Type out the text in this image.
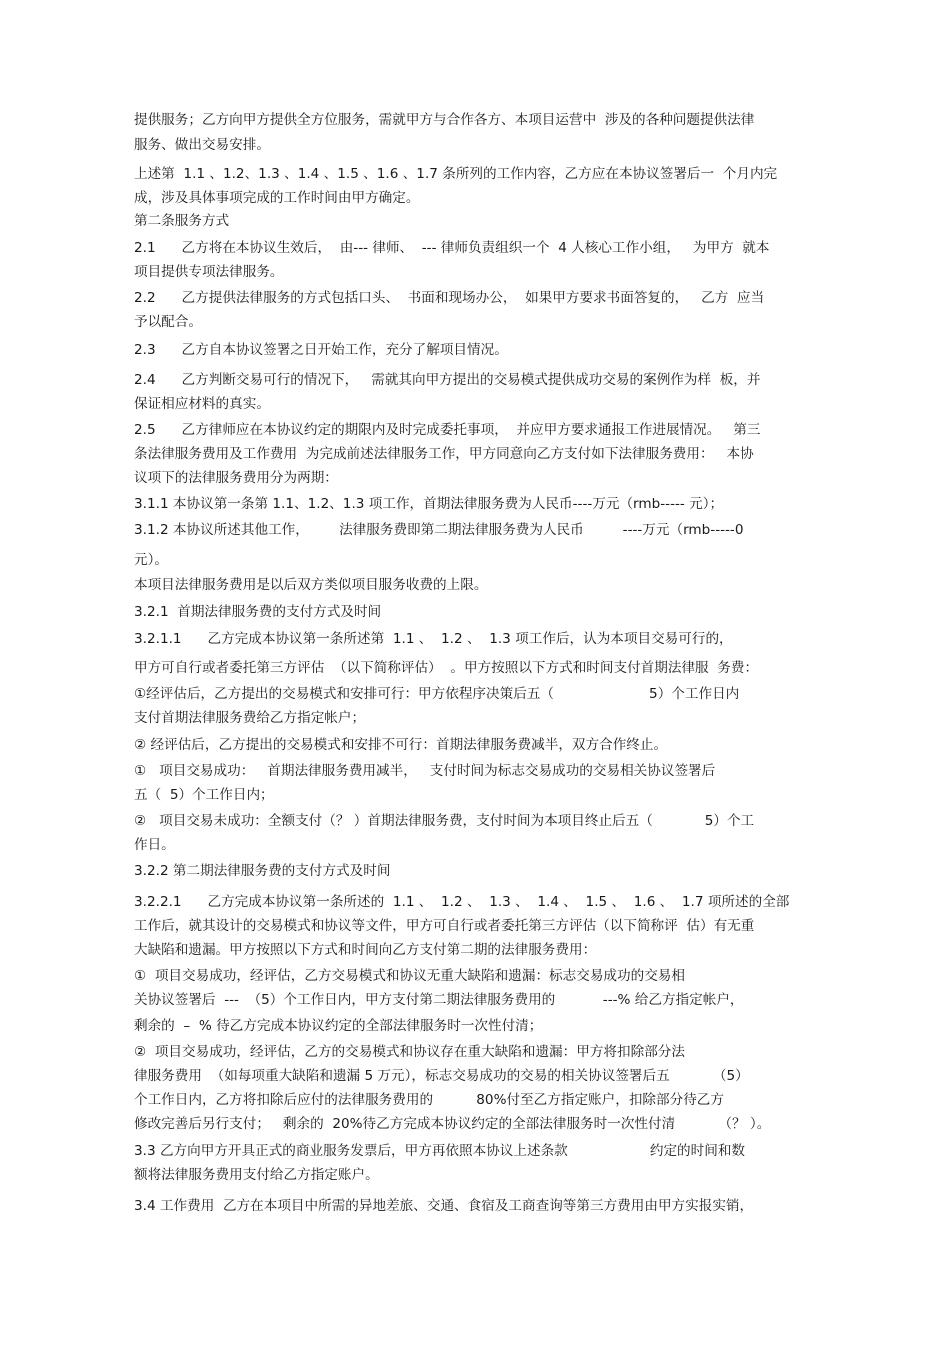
提供服务；乙方向甲方提供全方位服务，需就甲方与合作各方、本项目运营中  涉及的各种问题提供法律

服务、做出交易安排。

上述第  1.1 、1.2、1.3 、1.4 、1.5 、1.6 、1.7 条所列的工作内容，乙方应在本协议签署后一  个月内完

成，涉及具体事项完成的工作时间由甲方确定。

第二条服务方式

2.1      乙方将在本协议生效后，  由--- 律师、  --- 律师负责组织一个  4 人核心工作小组，   为甲方  就本

项目提供专项法律服务。

2.2      乙方提供法律服务的方式包括口头、  书面和现场办公，  如果甲方要求书面答复的，   乙方  应当

予以配合。

2.3      乙方自本协议签署之日开始工作，充分了解项目情况。

2.4      乙方判断交易可行的情况下，   需就其向甲方提出的交易模式提供成功交易的案例作为样  板，并

保证相应材料的真实。

2.5      乙方律师应在本协议约定的期限内及时完成委托事项，  并应甲方要求通报工作进展情况。   第三

条法律服务费用及工作费用  为完成前述法律服务工作，甲方同意向乙方支付如下法律服务费用：   本协

议项下的法律服务费用分为两期：

3.1.1 本协议第一条第 1.1、1.2、1.3 项工作，首期法律服务费为人民币----万元（rmb----- 元）；

3.1.2 本协议所述其他工作，       法律服务费即第二期法律服务费为人民币         ----万元（rmb-----0

元）。

本项目法律服务费用是以后双方类似项目服务收费的上限。

3.2.1  首期法律服务费的支付方式及时间

3.2.1.1      乙方完成本协议第一条所述第  1.1 、  1.2 、  1.3 项工作后，认为本项目交易可行的，

甲方可自行或者委托第三方评估  （以下简称评估）  。甲方按照以下方式和时间支付首期法律服  务费：

①经评估后，乙方提出的交易模式和安排可行：甲方依程序决策后五（                      5）个工作日内

支付首期法律服务费给乙方指定帐户；

② 经评估后，乙方提出的交易模式和安排不可行：首期法律服务费减半，双方合作终止。

①   项目交易成功：   首期法律服务费用减半，   支付时间为标志交易成功的交易相关协议签署后

五（  5）个工作日内；

②   项目交易未成功：全额支付（？ ）首期法律服务费，支付时间为本项目终止后五（            5）个工

作日。

3.2.2 第二期法律服务费的支付方式及时间

3.2.2.1      乙方完成本协议第一条所述的  1.1 、  1.2 、  1.3 、  1.4 、  1.5 、  1.6 、  1.7 项所述的全部

工作后，就其设计的交易模式和协议等文件，甲方可自行或者委托第三方评估（以下简称评  估）有无重

大缺陷和遗漏。甲方按照以下方式和时间向乙方支付第二期的法律服务费用：

①  项目交易成功，经评估，乙方交易模式和协议无重大缺陷和遗漏：标志交易成功的交易相

关协议签署后  ---  （5）个工作日内，甲方支付第二期法律服务费用的           ---% 给乙方指定帐户，

剩余的  –  % 待乙方完成本协议约定的全部法律服务时一次性付清；

②  项目交易成功，经评估，乙方的交易模式和协议存在重大缺陷和遗漏：甲方将扣除部分法

律服务费用  （如每项重大缺陷和遗漏 5 万元），标志交易成功的交易的相关协议签署后五          （5）

个工作日内，乙方将扣除后应付的法律服务费用的          80%付至乙方指定账户，扣除部分待乙方

修改完善后另行支付；   剩余的  20%待乙方完成本协议约定的全部法律服务时一次性付清          （？ ）。

3.3 乙方向甲方开具正式的商业服务发票后，甲方再依照本协议上述条款                   约定的时间和数

额将法律服务费用支付给乙方指定账户。

3.4 工作费用  乙方在本项目中所需的异地差旅、交通、食宿及工商查询等第三方费用由甲方实报实销，
